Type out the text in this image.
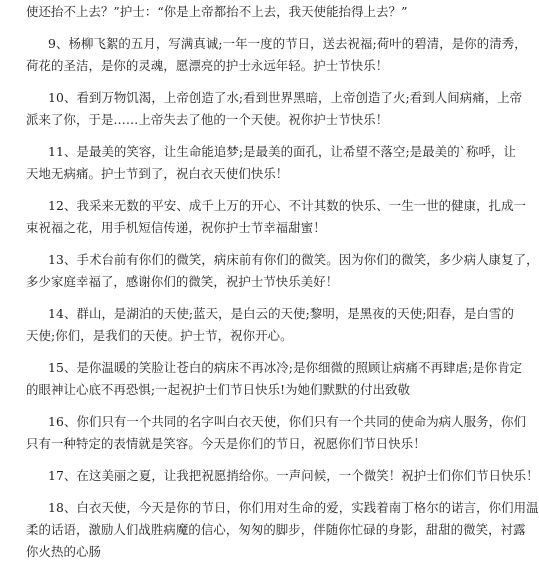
使还抬不上去？”护士：“你是上帝都抬不上去，我天使能抬得上去？”
9、杨柳飞絮的五月，写满真诚;一年一度的节日，送去祝福;荷叶的碧清，是你的清秀，
荷花的圣洁，是你的灵魂，愿漂亮的护士永远年轻。护士节快乐！
10、看到万物饥渴，上帝创造了水;看到世界黑暗，上帝创造了火;看到人间病痛，上帝
派来了你，于是……上帝失去了他的一个天使。祝你护士节快乐！
11、是最美的笑容，让生命能追梦;是最美的面孔，让希望不落空;是最美的`称呼，让
天地无病痛。护士节到了，祝白衣天使们快乐！
12、我采来无数的平安、成千上万的开心、不计其数的快乐、一生一世的健康，扎成一
束祝福之花，用手机短信传递，祝你护士节幸福甜蜜！
13、手术台前有你们的微笑，病床前有你们的微笑。因为你们的微笑，多少病人康复了，
多少家庭幸福了，感谢你们的微笑，祝护士节快乐美好！
14、群山，是湖泊的天使;蓝天，是白云的天使;黎明，是黑夜的天使;阳春，是白雪的
天使;你们，是我们的天使。护士节，祝你开心。
15、是你温暖的笑脸让苍白的病床不再冰冷;是你细微的照顾让病痛不再肆虐;是你肯定
的眼神让心底不再恐惧;一起祝护士们节日快乐!为她们默默的付出致敬
16、你们只有一个共同的名字叫白衣天使，你们只有一个共同的使命为病人服务，你们
只有一种特定的表情就是笑容。今天是你们的节日，祝愿你们节日快乐！
17、在这美丽之夏，让我把祝愿捎给你。一声问候，一个微笑！祝护士们你们节日快乐！
18、白衣天使，今天是你的节日，你们用对生命的爱，实践着南丁格尔的诺言，你们用温
柔的话语，激励人们战胜病魔的信心，匆匆的脚步，伴随你忙碌的身影，甜甜的微笑，衬露
你火热的心肠
